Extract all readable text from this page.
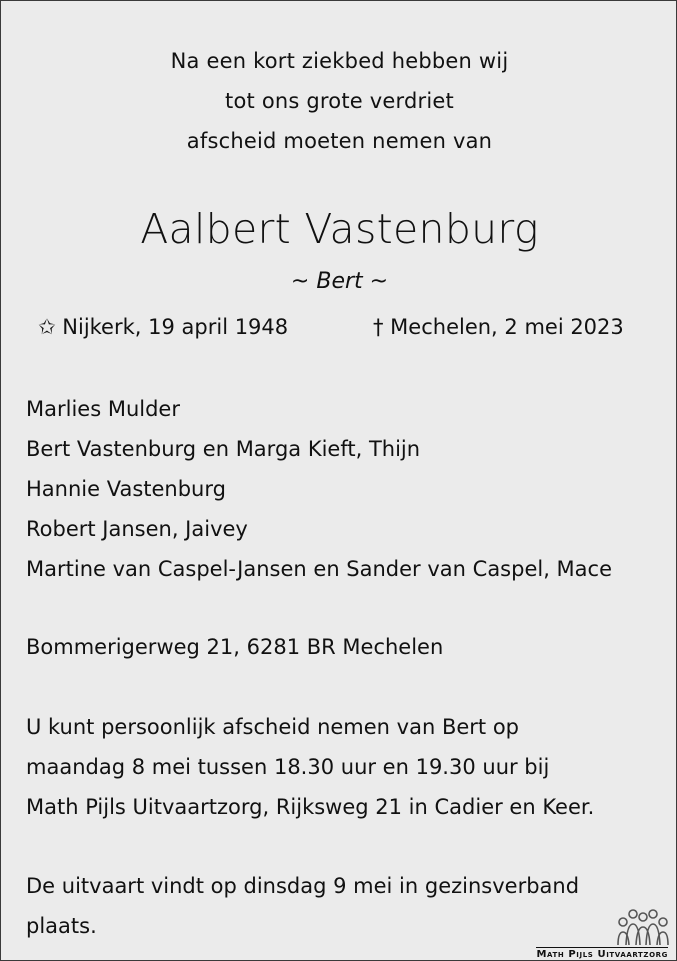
Na een kort ziekbed hebben wij
tot ons grote verdriet
afscheid moeten nemen van
Aalbert Vastenburg
~ Bert ~
✩ Nijkerk, 19 april 1948	† Mechelen, 2 mei 2023
Marlies Mulder
Bert Vastenburg en Marga Kieft, Thijn
Hannie Vastenburg
Robert Jansen, Jaivey
Martine van Caspel-Jansen en Sander van Caspel, Mace
Bommerigerweg 21, 6281 BR Mechelen
U kunt persoonlijk afscheid nemen van Bert op
maandag 8 mei tussen 18.30 uur en 19.30 uur bij
Math Pijls Uitvaartzorg, Rijksweg 21 in Cadier en Keer.
De uitvaart vindt op dinsdag 9 mei in gezinsverband
plaats.
Math Pijls Uitvaartzorg
